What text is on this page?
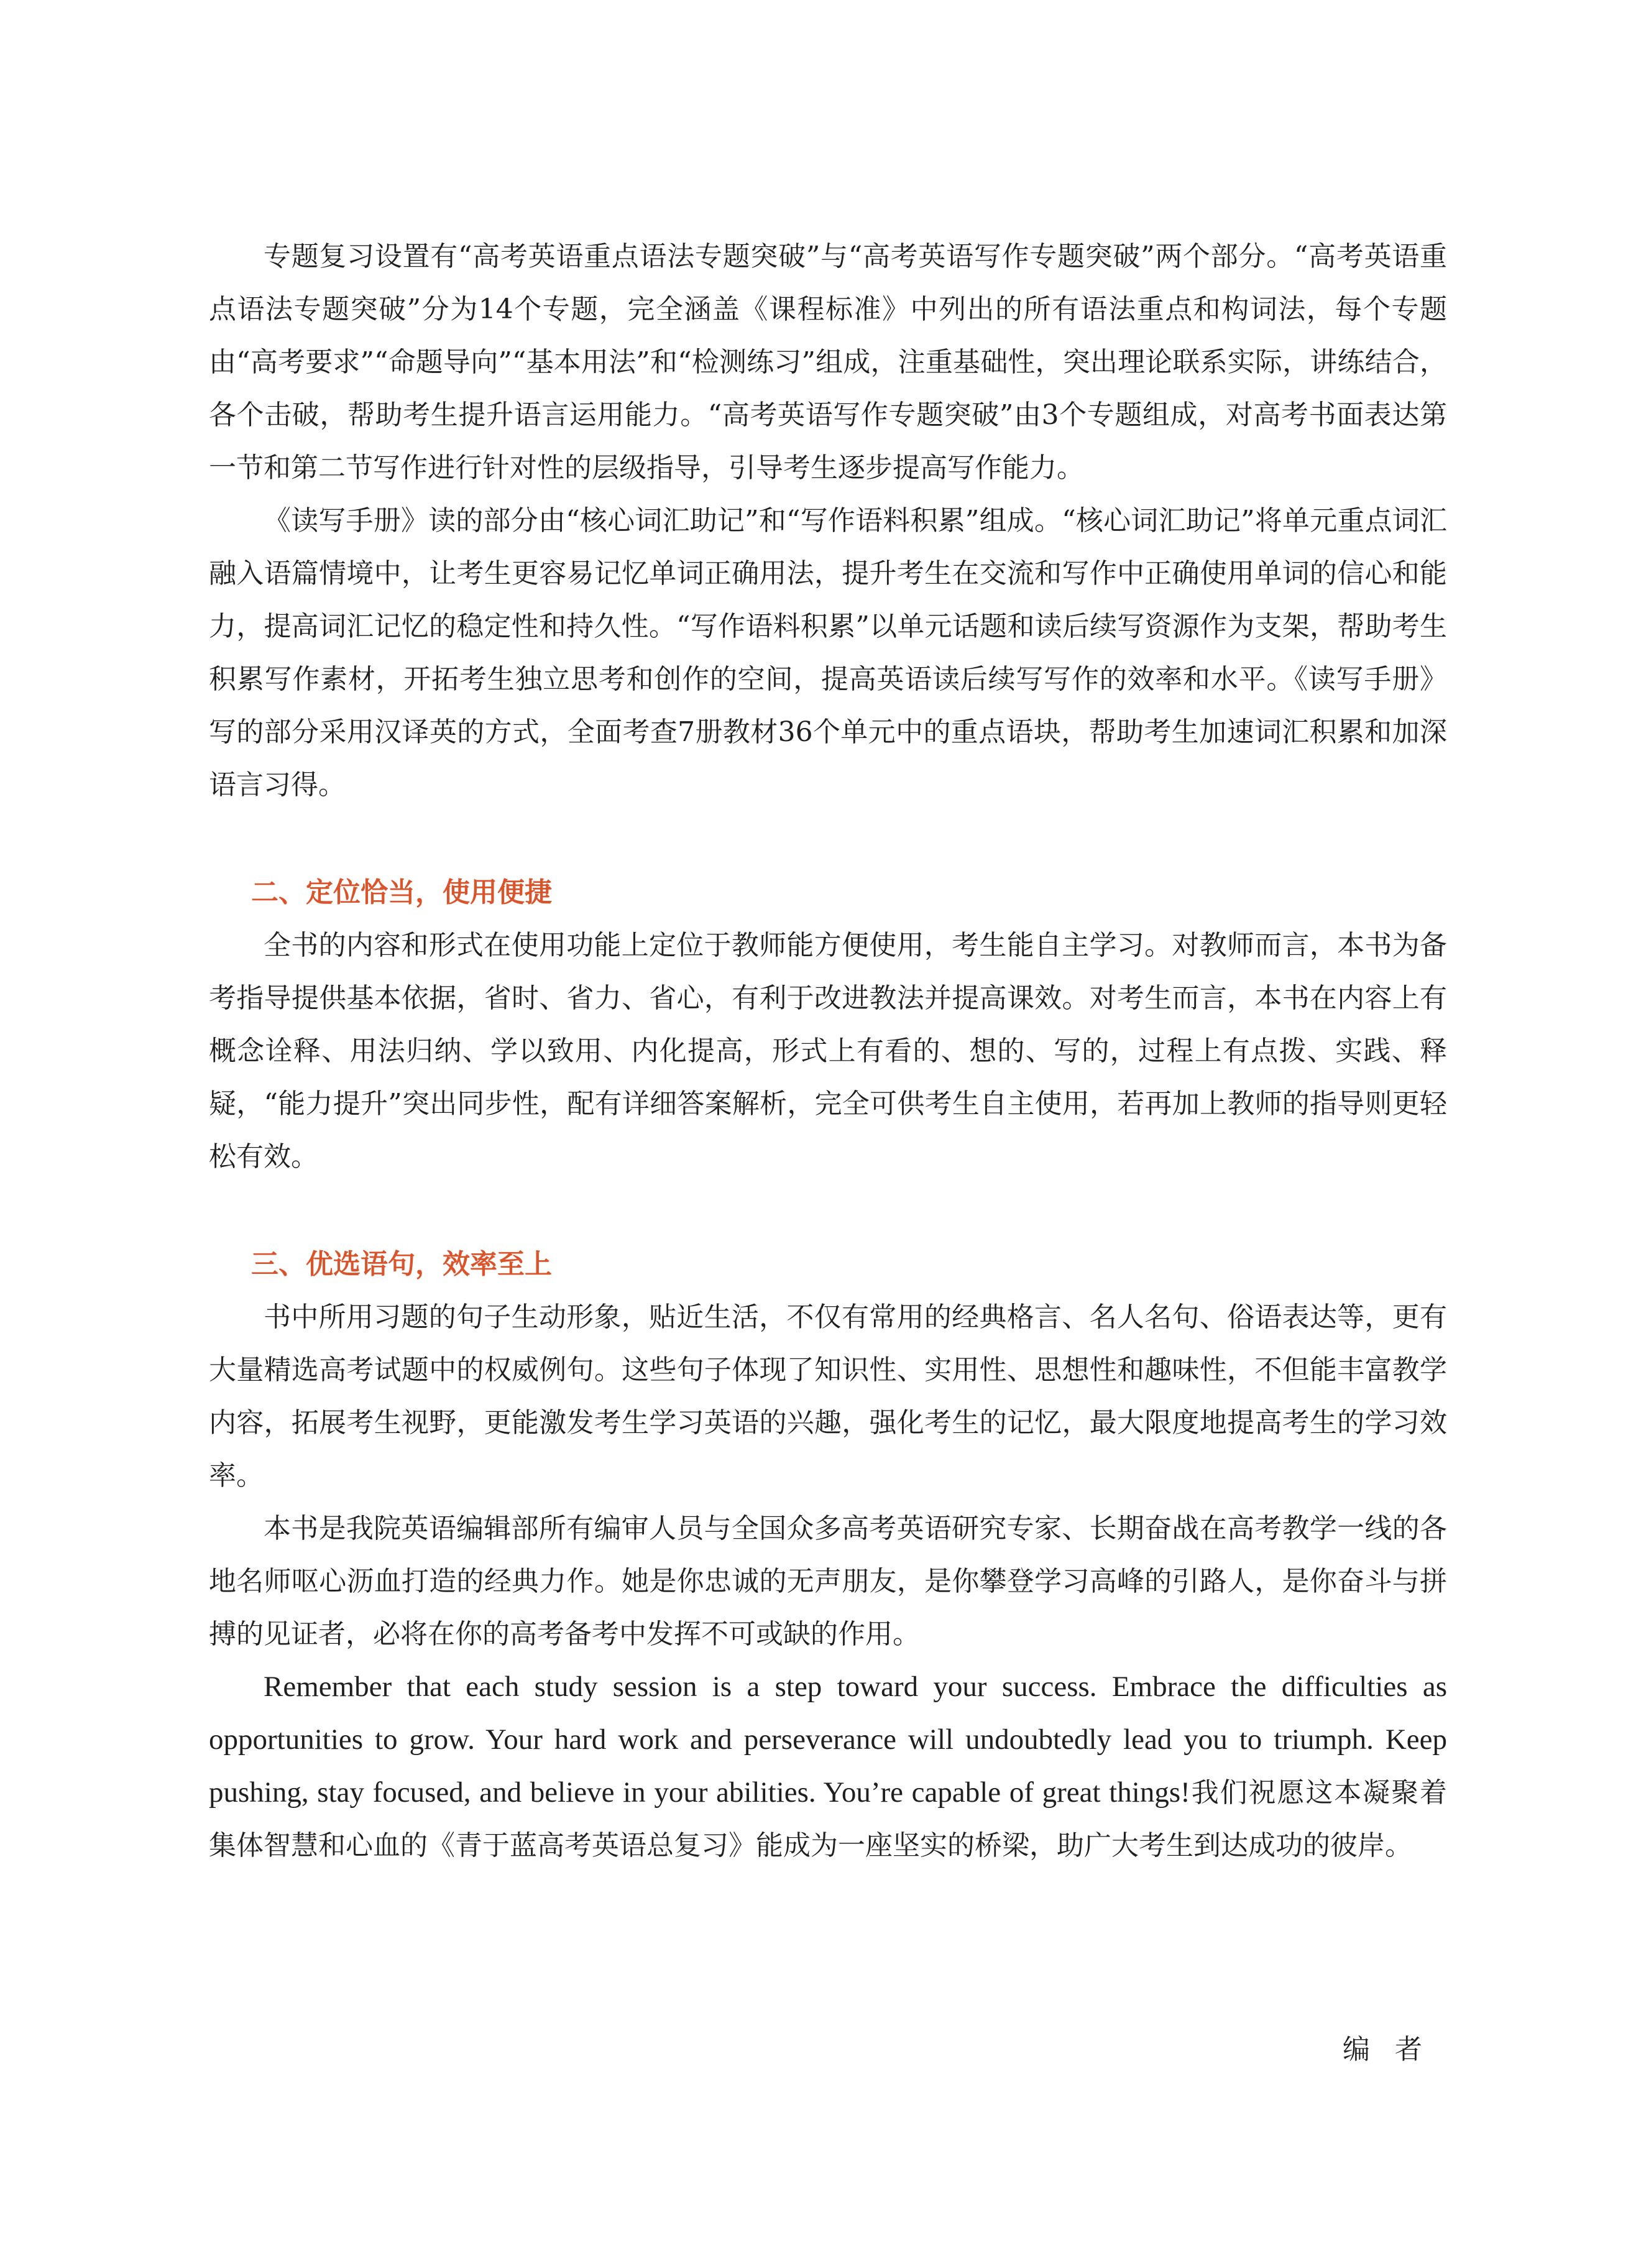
专题复习设置有“高考英语重点语法专题突破”与“高考英语写作专题突破”两个部分。“高考英语重点语法专题突破”分为14个专题，完全涵盖《课程标准》中列出的所有语法重点和构词法，每个专题由“高考要求”“命题导向”“基本用法”和“检测练习”组成，注重基础性，突出理论联系实际，讲练结合，各个击破，帮助考生提升语言运用能力。“高考英语写作专题突破”由3个专题组成，对高考书面表达第一节和第二节写作进行针对性的层级指导，引导考生逐步提高写作能力。

《读写手册》读的部分由“核心词汇助记”和“写作语料积累”组成。“核心词汇助记”将单元重点词汇融入语篇情境中，让考生更容易记忆单词正确用法，提升考生在交流和写作中正确使用单词的信心和能力，提高词汇记忆的稳定性和持久性。“写作语料积累”以单元话题和读后续写资源作为支架，帮助考生积累写作素材，开拓考生独立思考和创作的空间，提高英语读后续写写作的效率和水平。《读写手册》写的部分采用汉译英的方式，全面考查7册教材36个单元中的重点语块，帮助考生加速词汇积累和加深语言习得。

二、定位恰当，使用便捷

全书的内容和形式在使用功能上定位于教师能方便使用，考生能自主学习。对教师而言，本书为备考指导提供基本依据，省时、省力、省心，有利于改进教法并提高课效。对考生而言，本书在内容上有概念诠释、用法归纳、学以致用、内化提高，形式上有看的、想的、写的，过程上有点拨、实践、释疑，“能力提升”突出同步性，配有详细答案解析，完全可供考生自主使用，若再加上教师的指导则更轻松有效。

三、优选语句，效率至上

书中所用习题的句子生动形象，贴近生活，不仅有常用的经典格言、名人名句、俗语表达等，更有大量精选高考试题中的权威例句。这些句子体现了知识性、实用性、思想性和趣味性，不但能丰富教学内容，拓展考生视野，更能激发考生学习英语的兴趣，强化考生的记忆，最大限度地提高考生的学习效率。

本书是我院英语编辑部所有编审人员与全国众多高考英语研究专家、长期奋战在高考教学一线的各地名师呕心沥血打造的经典力作。她是你忠诚的无声朋友，是你攀登学习高峰的引路人，是你奋斗与拼搏的见证者，必将在你的高考备考中发挥不可或缺的作用。

Remember that each study session is a step toward your success. Embrace the difficulties as opportunities to grow. Your hard work and perseverance will undoubtedly lead you to triumph. Keep pushing, stay focused, and believe in your abilities. You’re capable of great things!我们祝愿这本凝聚着集体智慧和心血的《青于蓝高考英语总复习》能成为一座坚实的桥梁，助广大考生到达成功的彼岸。

编者
